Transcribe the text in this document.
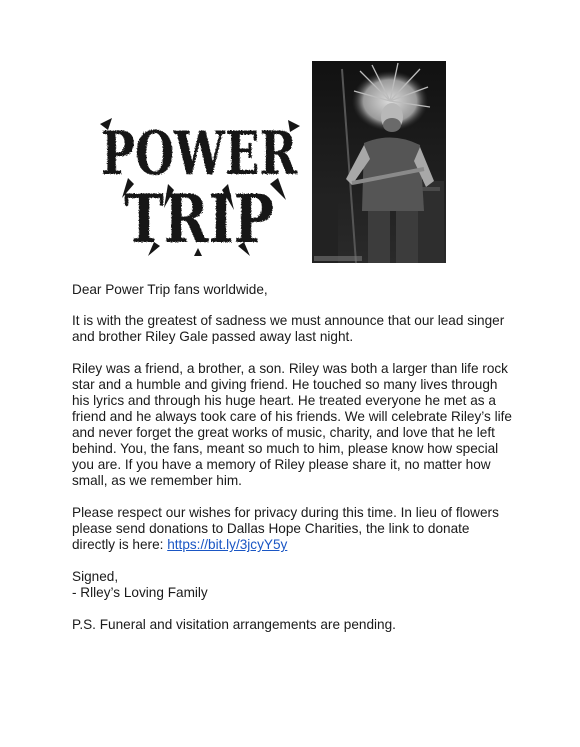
POWER
TRIP

Dear Power Trip fans worldwide,

It is with the greatest of sadness we must announce that our lead singer and brother Riley Gale passed away last night.

Riley was a friend, a brother, a son. Riley was both a larger than life rock star and a humble and giving friend. He touched so many lives through his lyrics and through his huge heart. He treated everyone he met as a friend and he always took care of his friends. We will celebrate Riley’s life and never forget the great works of music, charity, and love that he left behind. You, the fans, meant so much to him, please know how special you are. If you have a memory of Riley please share it, no matter how small, as we remember him.

Please respect our wishes for privacy during this time. In lieu of flowers please send donations to Dallas Hope Charities, the link to donate directly is here: https://bit.ly/3jcyY5y

Signed,
- Rlley’s Loving Family

P.S. Funeral and visitation arrangements are pending.
